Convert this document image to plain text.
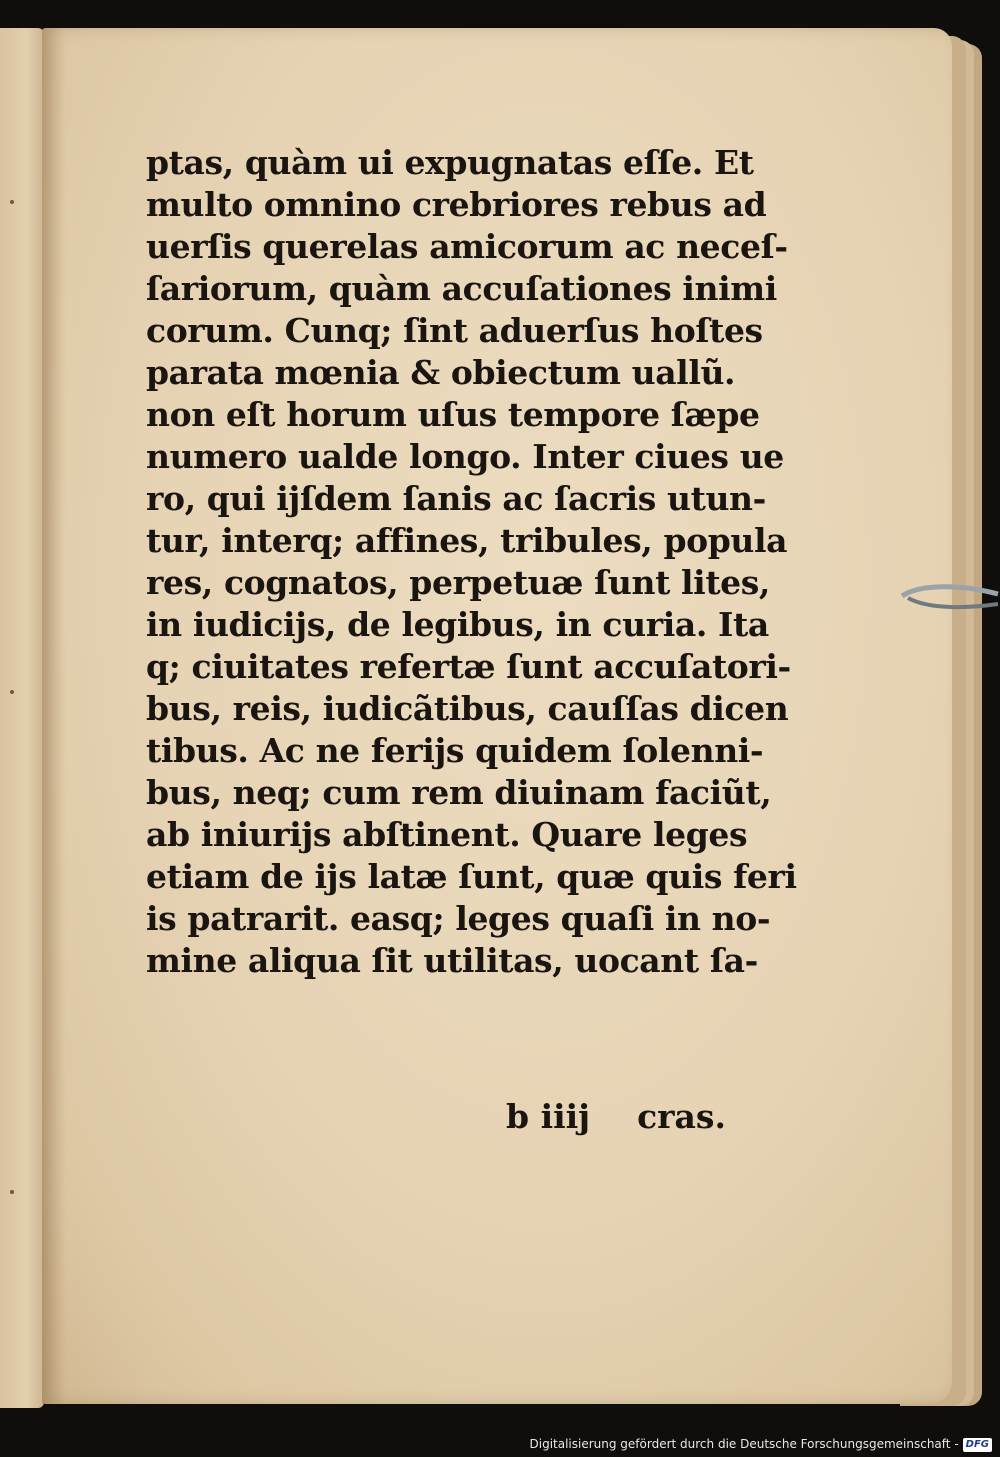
ptas, quàm ui expugnatas eſſe. Et
multo omnino crebriores rebus ad
uerſis querelas amicorum ac neceſ-
ſariorum, quàm accuſationes inimi
corum. Cunq; ſint aduerſus hoſtes
parata mœnia & obiectum uallũ.
non eſt horum uſus tempore ſæpe
numero ualde longo. Inter ciues ue
ro, qui ijſdem ſanis ac ſacris utun-
tur, interq; affines, tribules, popula
res, cognatos, perpetuæ ſunt lites,
in iudicijs, de legibus, in curia. Ita
q; ciuitates refertæ ſunt accuſatori-
bus, reis, iudicãtibus, cauſſas dicen
tibus. Ac ne ferijs quidem ſolenni-
bus, neq; cum rem diuinam faciũt,
ab iniurijs abſtinent. Quare leges
etiam de ijs latæ ſunt, quæ quis feri
is patrarit. easq; leges quaſi in no-
mine aliqua ſit utilitas, uocant ſa-
b iiij cras.
Digitalisierung gefördert durch die Deutsche Forschungsgemeinschaft - DFG
